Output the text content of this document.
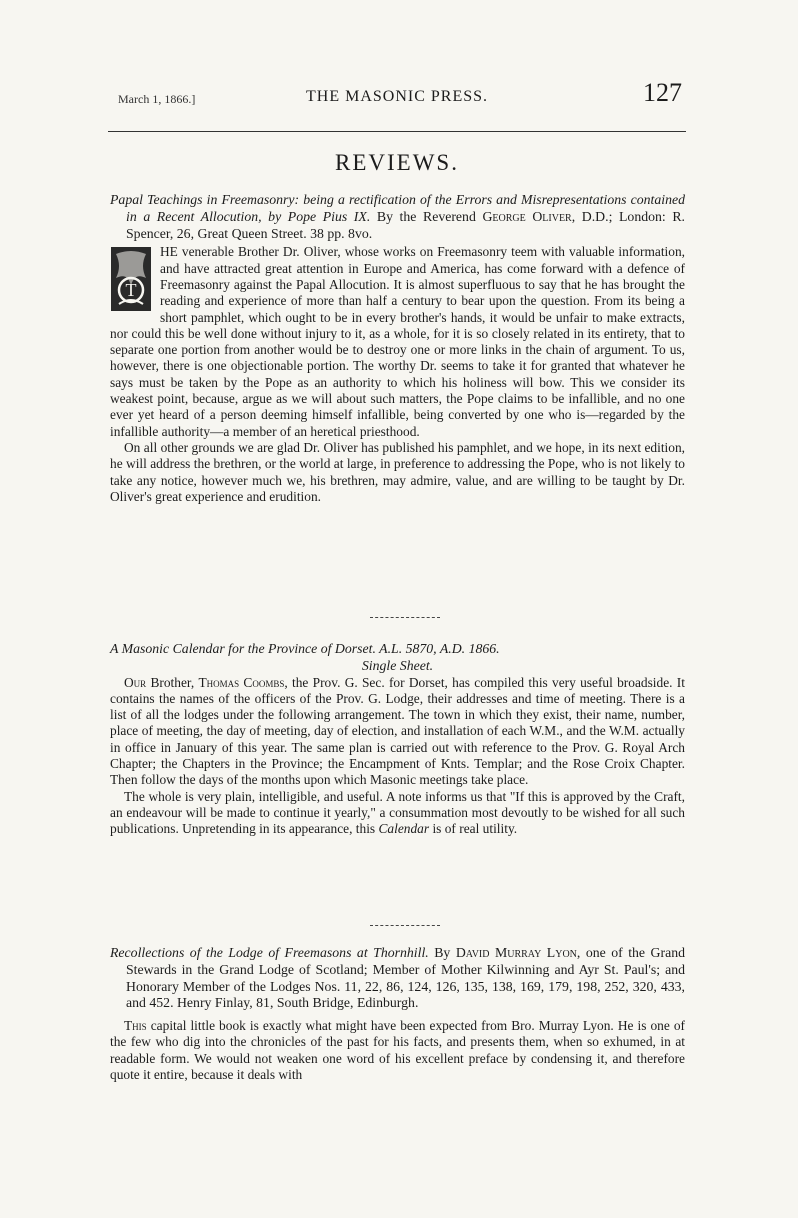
March 1, 1866.]	THE MASONIC PRESS.	127
REVIEWS.

Papal Teachings in Freemasonry: being a rectification of the Errors and Misrepresentations contained in a Recent Allocution, by Pope Pius IX. By the Reverend George Oliver, D.D.; London: R. Spencer, 26, Great Queen Street. 38 pp. 8vo.

T
HE venerable Brother Dr. Oliver, whose works on Freemasonry teem with valuable information, and have attracted great attention in Europe and America, has come forward with a defence of Freemasonry against the Papal Allocution. It is almost superfluous to say that he has brought the reading and experience of more than half a century to bear upon the question. From its being a short pamphlet, which ought to be in every brother's hands, it would be unfair to make extracts, nor could this be well done without injury to it, as a whole, for it is so closely related in its entirety, that to separate one portion from another would be to destroy one or more links in the chain of argument. To us, however, there is one objectionable portion. The worthy Dr. seems to take it for granted that whatever he says must be taken by the Pope as an authority to which his holiness will bow. This we consider its weakest point, because, argue as we will about such matters, the Pope claims to be infallible, and no one ever yet heard of a person deeming himself infallible, being converted by one who is—regarded by the infallible authority—a member of an heretical priesthood.

On all other grounds we are glad Dr. Oliver has published his pamphlet, and we hope, in its next edition, he will address the brethren, or the world at large, in preference to addressing the Pope, who is not likely to take any notice, however much we, his brethren, may admire, value, and are willing to be taught by Dr. Oliver's great experience and erudition.

A Masonic Calendar for the Province of Dorset. A.L. 5870, A.D. 1866.
Single Sheet.

Our Brother, Thomas Coombs, the Prov. G. Sec. for Dorset, has compiled this very useful broadside. It contains the names of the officers of the Prov. G. Lodge, their addresses and time of meeting. There is a list of all the lodges under the following arrangement. The town in which they exist, their name, number, place of meeting, the day of meeting, day of election, and installation of each W.M., and the W.M. actually in office in January of this year. The same plan is carried out with reference to the Prov. G. Royal Arch Chapter; the Chapters in the Province; the Encampment of Knts. Templar; and the Rose Croix Chapter. Then follow the days of the months upon which Masonic meetings take place.

The whole is very plain, intelligible, and useful. A note informs us that "If this is approved by the Craft, an endeavour will be made to continue it yearly," a consummation most devoutly to be wished for all such publications. Unpretending in its appearance, this Calendar is of real utility.

Recollections of the Lodge of Freemasons at Thornhill. By David Murray Lyon, one of the Grand Stewards in the Grand Lodge of Scotland; Member of Mother Kilwinning and Ayr St. Paul's; and Honorary Member of the Lodges Nos. 11, 22, 86, 124, 126, 135, 138, 169, 179, 198, 252, 320, 433, and 452. Henry Finlay, 81, South Bridge, Edinburgh.

This capital little book is exactly what might have been expected from Bro. Murray Lyon. He is one of the few who dig into the chronicles of the past for his facts, and presents them, when so exhumed, in at readable form. We would not weaken one word of his excellent preface by condensing it, and therefore quote it entire, because it deals with
